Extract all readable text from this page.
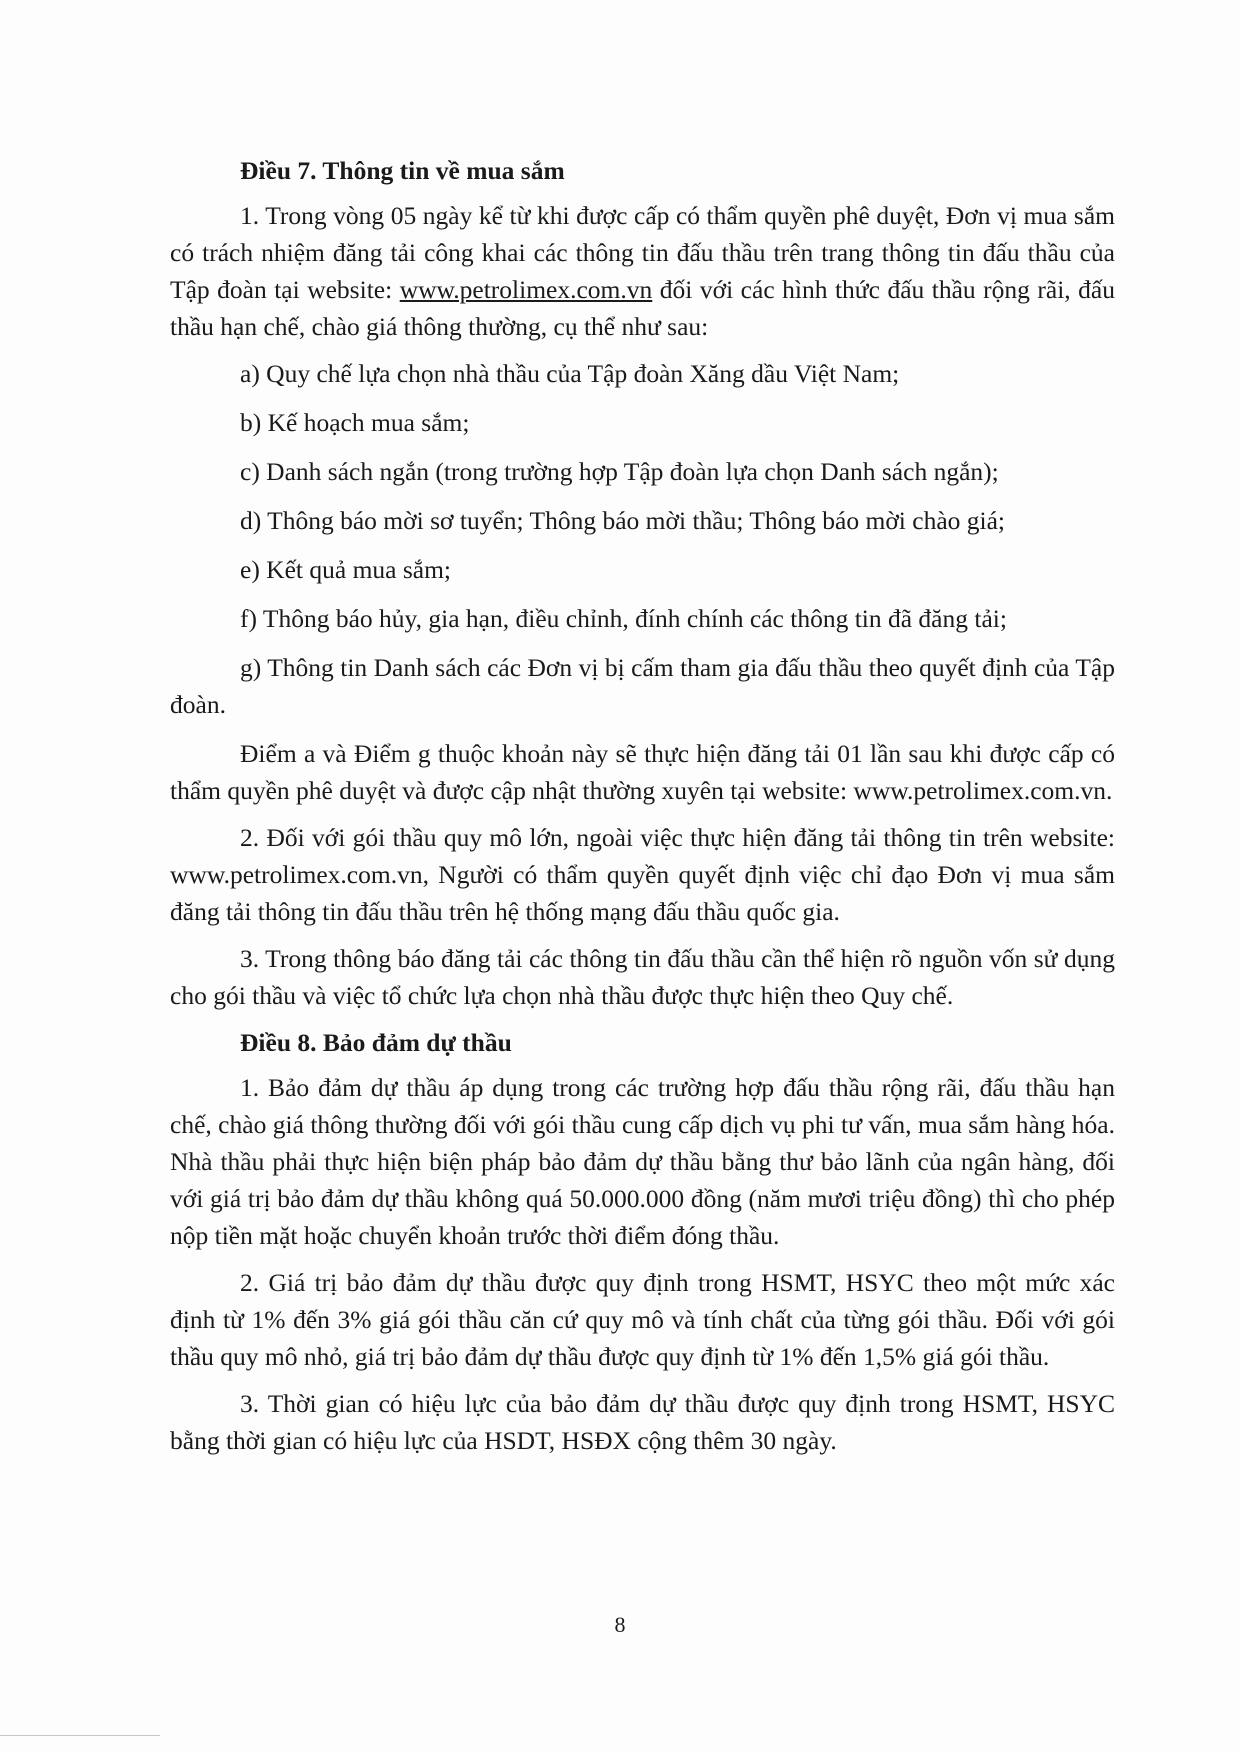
Điều 7. Thông tin về mua sắm

1. Trong vòng 05 ngày kể từ khi được cấp có thẩm quyền phê duyệt, Đơn vị mua sắm có trách nhiệm đăng tải công khai các thông tin đấu thầu trên trang thông tin đấu thầu của Tập đoàn tại website: www.petrolimex.com.vn đối với các hình thức đấu thầu rộng rãi, đấu thầu hạn chế, chào giá thông thường, cụ thể như sau:

a) Quy chế lựa chọn nhà thầu của Tập đoàn Xăng dầu Việt Nam;

b) Kế hoạch mua sắm;

c) Danh sách ngắn (trong trường hợp Tập đoàn lựa chọn Danh sách ngắn);

d) Thông báo mời sơ tuyển; Thông báo mời thầu; Thông báo mời chào giá;

e) Kết quả mua sắm;

f) Thông báo hủy, gia hạn, điều chỉnh, đính chính các thông tin đã đăng tải;

g) Thông tin Danh sách các Đơn vị bị cấm tham gia đấu thầu theo quyết định của Tập đoàn.

Điểm a và Điểm g thuộc khoản này sẽ thực hiện đăng tải 01 lần sau khi được cấp có thẩm quyền phê duyệt và được cập nhật thường xuyên tại website: www.petrolimex.com.vn.

2. Đối với gói thầu quy mô lớn, ngoài việc thực hiện đăng tải thông tin trên website: www.petrolimex.com.vn, Người có thẩm quyền quyết định việc chỉ đạo Đơn vị mua sắm đăng tải thông tin đấu thầu trên hệ thống mạng đấu thầu quốc gia.

3. Trong thông báo đăng tải các thông tin đấu thầu cần thể hiện rõ nguồn vốn sử dụng cho gói thầu và việc tổ chức lựa chọn nhà thầu được thực hiện theo Quy chế.

Điều 8. Bảo đảm dự thầu

1. Bảo đảm dự thầu áp dụng trong các trường hợp đấu thầu rộng rãi, đấu thầu hạn chế, chào giá thông thường đối với gói thầu cung cấp dịch vụ phi tư vấn, mua sắm hàng hóa. Nhà thầu phải thực hiện biện pháp bảo đảm dự thầu bằng thư bảo lãnh của ngân hàng, đối với giá trị bảo đảm dự thầu không quá 50.000.000 đồng (năm mươi triệu đồng) thì cho phép nộp tiền mặt hoặc chuyển khoản trước thời điểm đóng thầu.

2. Giá trị bảo đảm dự thầu được quy định trong HSMT, HSYC theo một mức xác định từ 1% đến 3% giá gói thầu căn cứ quy mô và tính chất của từng gói thầu. Đối với gói thầu quy mô nhỏ, giá trị bảo đảm dự thầu được quy định từ 1% đến 1,5% giá gói thầu.

3. Thời gian có hiệu lực của bảo đảm dự thầu được quy định trong HSMT, HSYC bằng thời gian có hiệu lực của HSDT, HSĐX cộng thêm 30 ngày.

8
